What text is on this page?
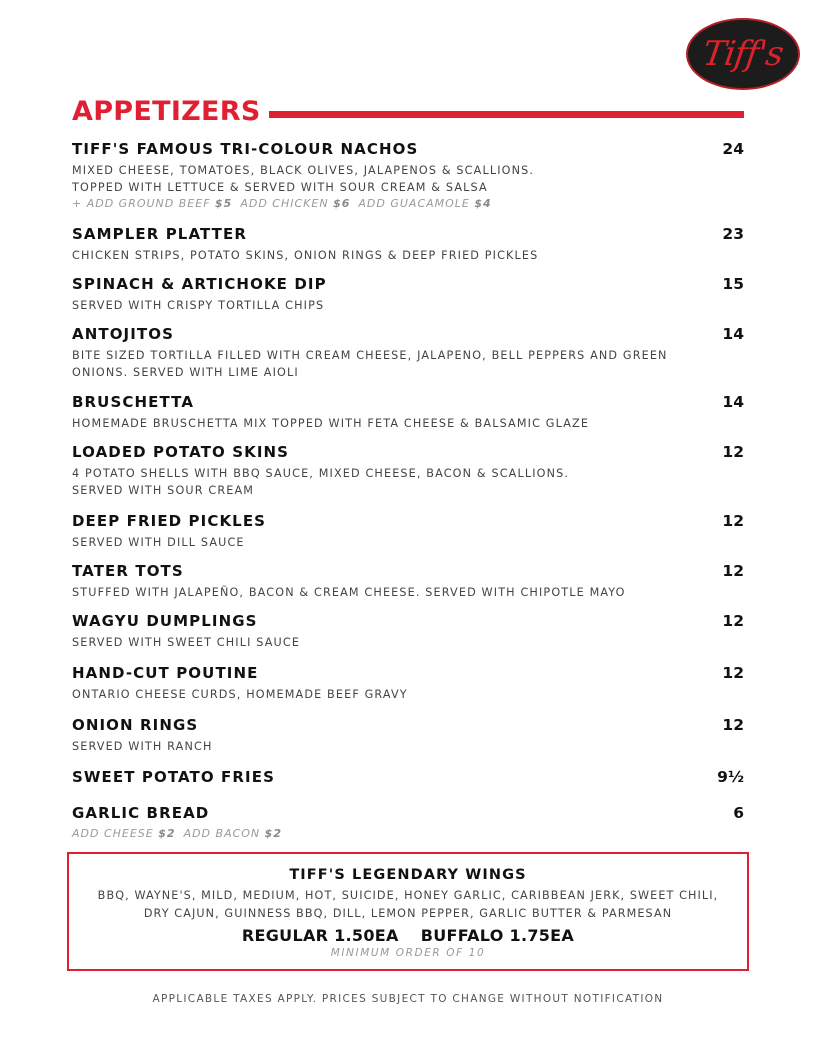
Tiff's
APPETIZERS
TIFF'S FAMOUS TRI-COLOUR NACHOS	24
MIXED CHEESE, TOMATOES, BLACK OLIVES, JALAPENOS & SCALLIONS.
TOPPED WITH LETTUCE & SERVED WITH SOUR CREAM & SALSA
+ ADD GROUND BEEF $5 ADD CHICKEN $6 ADD GUACAMOLE $4
SAMPLER PLATTER	23
CHICKEN STRIPS, POTATO SKINS, ONION RINGS & DEEP FRIED PICKLES
SPINACH & ARTICHOKE DIP	15
SERVED WITH CRISPY TORTILLA CHIPS
ANTOJITOS	14
BITE SIZED TORTILLA FILLED WITH CREAM CHEESE, JALAPENO, BELL PEPPERS AND GREEN
ONIONS. SERVED WITH LIME AIOLI
BRUSCHETTA	14
HOMEMADE BRUSCHETTA MIX TOPPED WITH FETA CHEESE & BALSAMIC GLAZE
LOADED POTATO SKINS	12
4 POTATO SHELLS WITH BBQ SAUCE, MIXED CHEESE, BACON & SCALLIONS.
SERVED WITH SOUR CREAM
DEEP FRIED PICKLES	12
SERVED WITH DILL SAUCE
TATER TOTS	12
STUFFED WITH JALAPEÑO, BACON & CREAM CHEESE. SERVED WITH CHIPOTLE MAYO
WAGYU DUMPLINGS	12
SERVED WITH SWEET CHILI SAUCE
HAND-CUT POUTINE	12
ONTARIO CHEESE CURDS, HOMEMADE BEEF GRAVY
ONION RINGS	12
SERVED WITH RANCH
SWEET POTATO FRIES	9½
GARLIC BREAD	6
ADD CHEESE $2 ADD BACON $2
TIFF'S LEGENDARY WINGS
BBQ, WAYNE'S, MILD, MEDIUM, HOT, SUICIDE, HONEY GARLIC, CARIBBEAN JERK, SWEET CHILI,
DRY CAJUN, GUINNESS BBQ, DILL, LEMON PEPPER, GARLIC BUTTER & PARMESAN
REGULAR 1.50EA BUFFALO 1.75EA
MINIMUM ORDER OF 10
APPLICABLE TAXES APPLY. PRICES SUBJECT TO CHANGE WITHOUT NOTIFICATION
